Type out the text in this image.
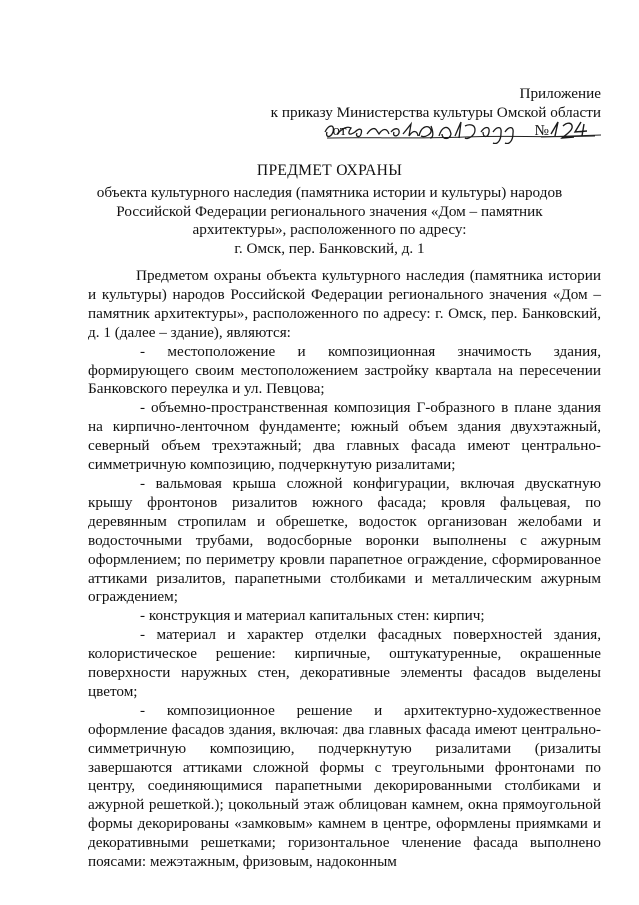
Приложение
к приказу Министерства культуры Омской области
от	№
ПРЕДМЕТ ОХРАНЫ
объекта культурного наследия (памятника истории и культуры) народов
Российской Федерации регионального значения «Дом – памятник
архитектуры», расположенного по адресу:
г. Омск, пер. Банковский, д. 1

Предметом охраны объекта культурного наследия (памятника истории и культуры) народов Российской Федерации регионального значения «Дом – памятник архитектуры», расположенного по адресу: г. Омск, пер. Банковский, д. 1 (далее – здание), являются:

- местоположение и композиционная значимость здания, формирующего своим местоположением застройку квартала на пересечении Банковского переулка и ул. Певцова;

- объемно-пространственная композиция Г-образного в плане здания на кирпично-ленточном фундаменте; южный объем здания двухэтажный, северный объем трехэтажный; два главных фасада имеют центрально-симметричную композицию, подчеркнутую ризалитами;

- вальмовая крыша сложной конфигурации, включая двускатную крышу фронтонов ризалитов южного фасада; кровля фальцевая, по деревянным стропилам и обрешетке, водосток организован желобами и водосточными трубами, водосборные воронки выполнены с ажурным оформлением; по периметру кровли парапетное ограждение, сформированное аттиками ризалитов, парапетными столбиками и металлическим ажурным ограждением;

- конструкция и материал капитальных стен: кирпич;

- материал и характер отделки фасадных поверхностей здания, колористическое решение: кирпичные, оштукатуренные, окрашенные поверхности наружных стен, декоративные элементы фасадов выделены цветом;

- композиционное решение и архитектурно-художественное оформление фасадов здания, включая: два главных фасада имеют центрально-симметричную композицию, подчеркнутую ризалитами (ризалиты завершаются аттиками сложной формы с треугольными фронтонами по центру, соединяющимися парапетными декорированными столбиками и ажурной решеткой.); цокольный этаж облицован камнем, окна прямоугольной формы декорированы «замковым» камнем в центре, оформлены приямками и декоративными решетками; горизонтальное членение фасада выполнено поясами: межэтажным, фризовым, надоконным
